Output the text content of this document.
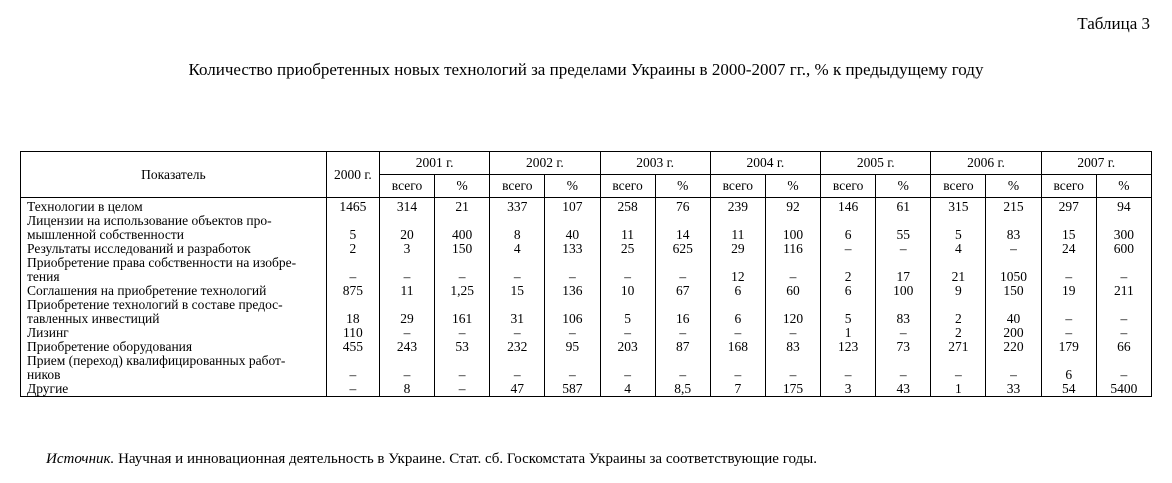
Таблица 3
Количество приобретенных новых технологий за пределами Украины в 2000-2007 гг., % к предыдущему году
Показатель	2000 г.	2001 г.		2002 г.		2003 г.		2004 г.		2005 г.		2006 г.		2007 г.	
		всего	%	всего	%	всего	%	всего	%	всего	%	всего	%	всего	%
Технологии в целом	1465	314	21	337	107	258	76	239	92	146	61	315	215	297	94
Лицензии на использование объектов про-
мышленной собственности	5	20	400	8	40	11	14	11	100	6	55	5	83	15	300
Результаты исследований и разработок	2	3	150	4	133	25	625	29	116	–	–	4	–	24	600
Приобретение права собственности на изобре-
тения	–	–	–	–	–	–	–	12	–	2	17	21	1050	–	–
Соглашения на приобретение технологий	875	11	1,25	15	136	10	67	6	60	6	100	9	150	19	211
Приобретение технологий в составе предос-
тавленных инвестиций	18	29	161	31	106	5	16	6	120	5	83	2	40	–	–
Лизинг	110	–	–	–	–	–	–	–	–	1	–	2	200	–	–
Приобретение оборудования	455	243	53	232	95	203	87	168	83	123	73	271	220	179	66
Прием (переход) квалифицированных работ-
ников	–	–	–	–	–	–	–	–	–	–	–	–	–	6	–
Другие	–	8	–	47	587	4	8,5	7	175	3	43	1	33	54	5400
Источник. Научная и инновационная деятельность в Украине. Стат. сб. Госкомстата Украины за соответствующие годы.
